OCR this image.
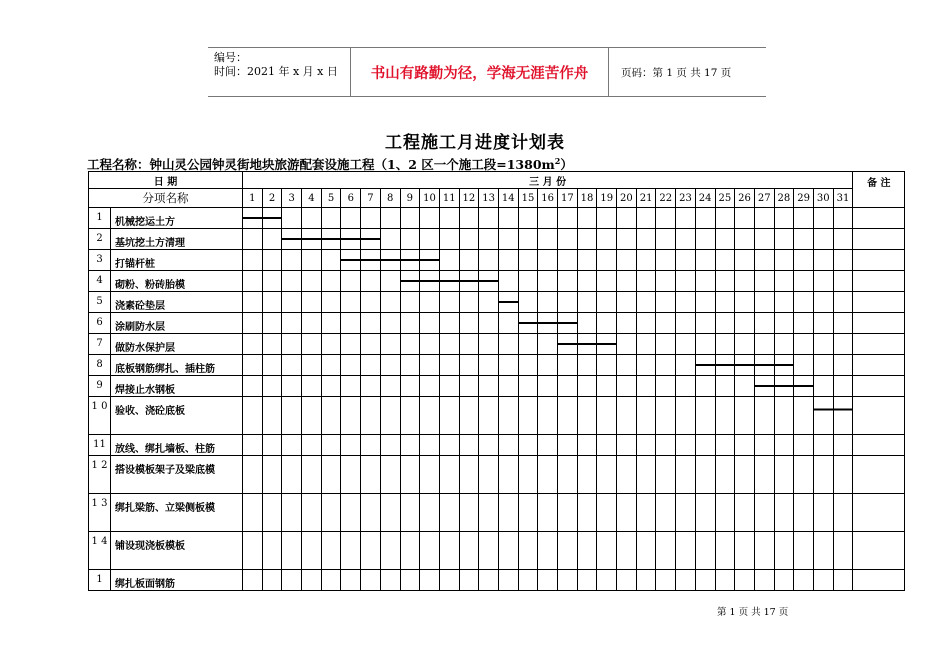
编号：
时间：2021 年 x 月 x 日	书山有路勤为径，学海无涯苦作舟	页码：第 1 页 共 17 页
工程施工月进度计划表
工程名称：钟山灵公园钟灵街地块旅游配套设施工程（1、2 区一个施工段$=1380m^2$）
日 期		三 月 份																															备 注
分项名称		1	2	3	4	5	6	7	8	9	10	11	12	13	14	15	16	17	18	19	20	21	22	23	24	25	26	27	28	29	30	31	
1	机械挖运土方																																
2	基坑挖土方清理																																
3	打锚杆桩																																
4	砌粉、粉砖胎模																																
5	浇素砼垫层																																
6	涂刷防水层																																
7	做防水保护层																																
8	底板钢筋绑扎、插柱筋																																
9	焊接止水钢板																																
1 0	验收、浇砼底板																																
11	放线、绑扎墙板、柱筋																																
1 2	搭设模板架子及梁底模																																
1 3	绑扎梁筋、立梁侧板模																																
1 4	铺设现浇板模板																																
1	绑扎板面钢筋																																
第 1 页 共 17 页
